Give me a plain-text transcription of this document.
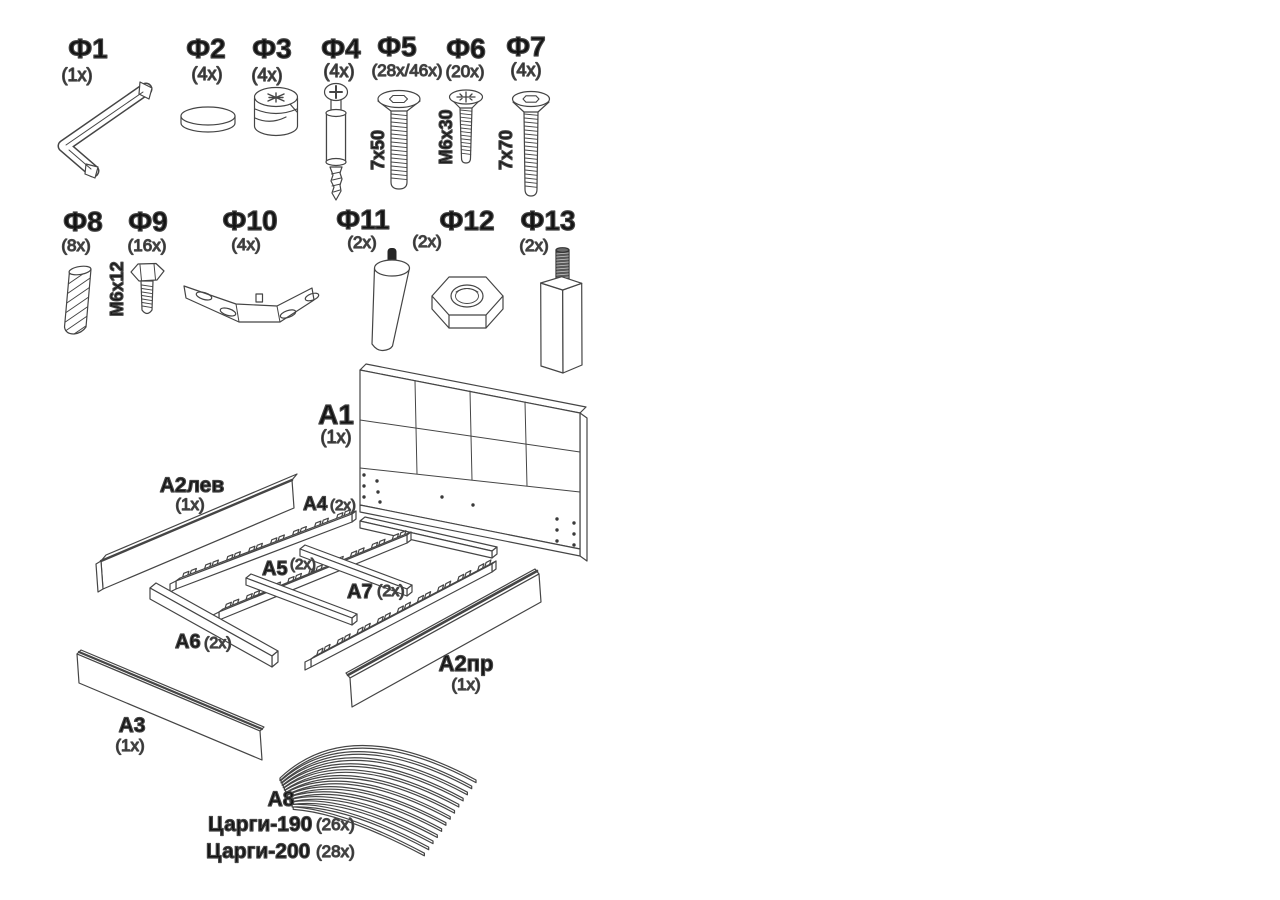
Ф1
(1x)
Ф2
(4x)
Ф3
(4x)
Ф4
(4x)
Ф5
(28x/46x)
7x50
Ф6
(20x)
M6x30
Ф7
(4x)
7x70
Ф8
(8x)
Ф9
(16x)
M6x12
Ф10
(4x)
Ф11
(2x)
Ф12
(2x)
Ф13
(2x)
А1
(1x)
А2лев
(1x)	А4 (2x)
А5 (2x)
А7 (2x)
А6 (2x)
А2пр
(1x)
А3
(1x)
А8
Царги-190 (26x)
Царги-200 (28x)
